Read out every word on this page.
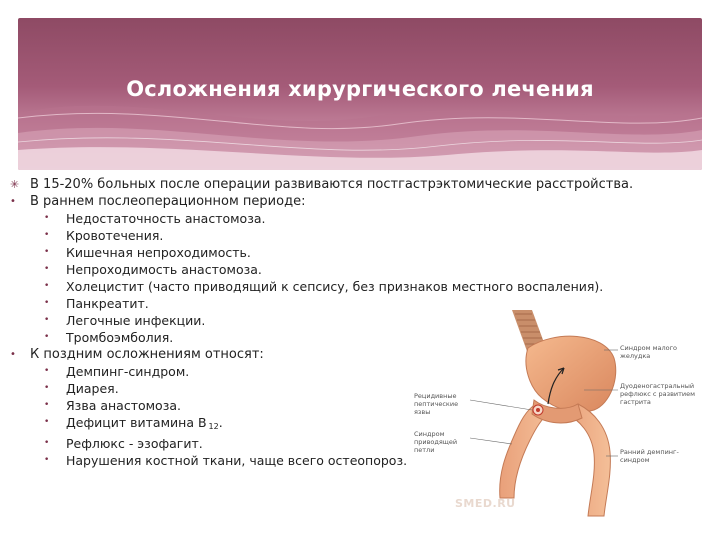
Осложнения хирургического лечения
✳ В 15-20% больных после операции развиваются постгастрэктомические расстройства.
• В раннем послеоперационном периоде:
• Недостаточность анастомоза.
• Кровотечения.
• Кишечная непроходимость.
• Непроходимость анастомоза.
• Холецистит (часто приводящий к сепсису, без признаков местного воспаления).
• Панкреатит.
• Легочные инфекции.
• Тромбоэмболия.
• К поздним осложнениям относят:
• Демпинг-синдром.
• Диарея.
• Язва анастомоза.
• Дефицит витамина В $_{12}$.
• Рефлюкс - эзофагит.
• Нарушения костной ткани, чаще всего остеопороз.
Синдром малого желудка
Рецидивные пептические язвы
Дуоденогастральный рефлюкс с развитием гастрита
Синдром приводящей петли	Ранний демпинг-синдром
SMED.RU
